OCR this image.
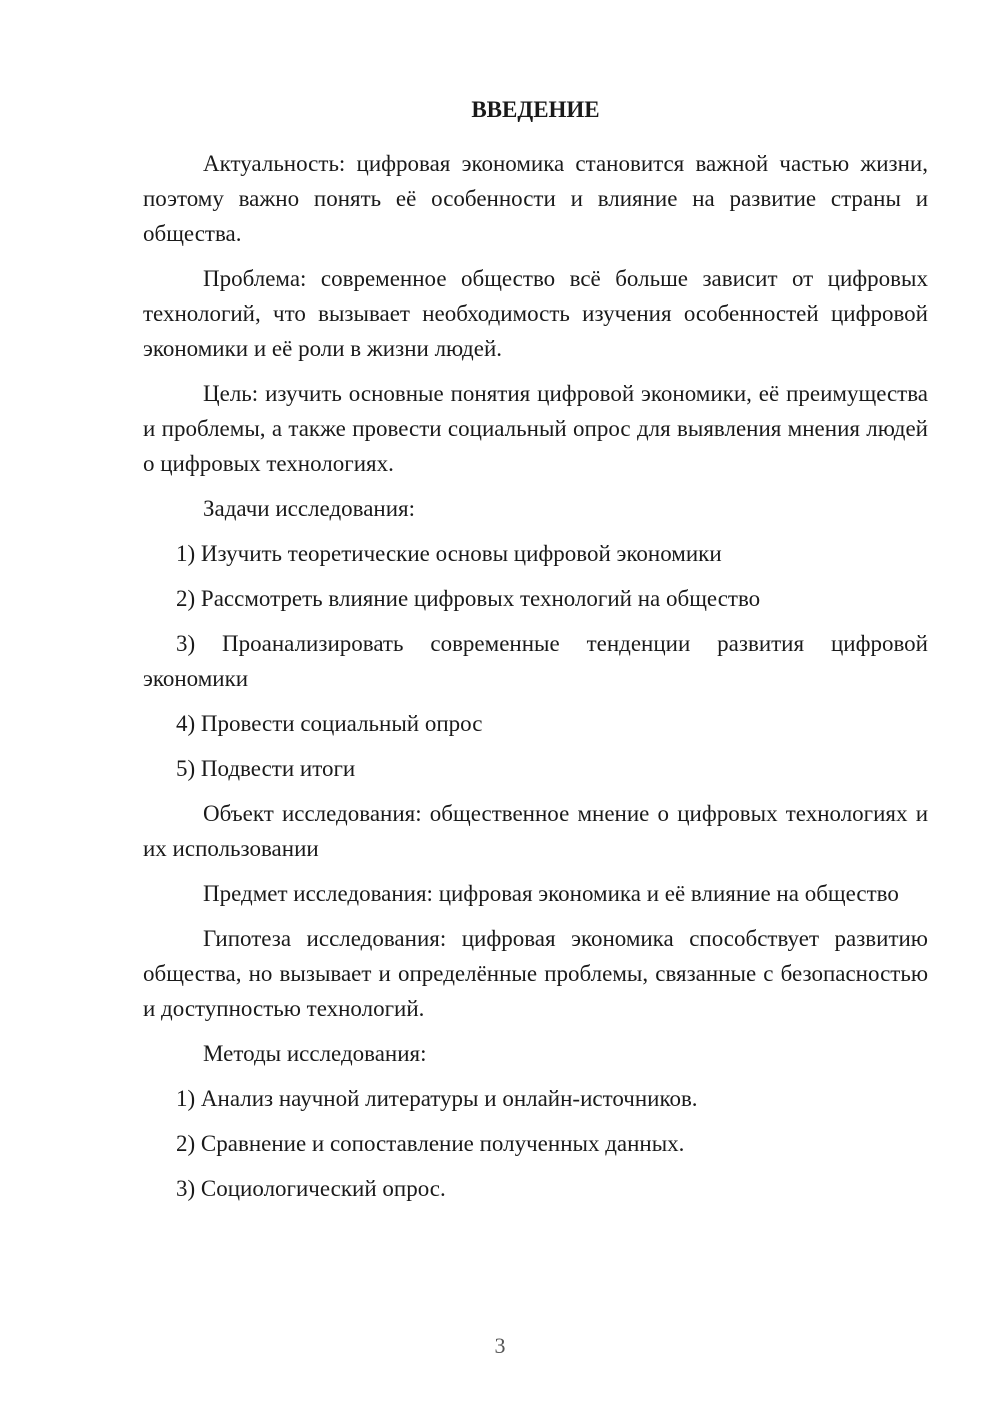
ВВЕДЕНИЕ

Актуальность: цифровая экономика становится важной частью жизни, поэтому важно понять её особенности и влияние на развитие страны и общества.

Проблема: современное общество всё больше зависит от цифровых технологий, что вызывает необходимость изучения особенностей цифровой экономики и её роли в жизни людей.

Цель: изучить основные понятия цифровой экономики, её преимущества и проблемы, а также провести социальный опрос для выявления мнения людей о цифровых технологиях.

Задачи исследования:

1) Изучить теоретические основы цифровой экономики

2) Рассмотреть влияние цифровых технологий на общество

3) Проанализировать современные тенденции развития цифровой экономики

4) Провести социальный опрос

5) Подвести итоги

Объект исследования: общественное мнение о цифровых технологиях и их использовании

Предмет исследования: цифровая экономика и её влияние на общество

Гипотеза исследования: цифровая экономика способствует развитию общества, но вызывает и определённые проблемы, связанные с безопасностью и доступностью технологий.

Методы исследования:

1) Анализ научной литературы и онлайн-источников.

2) Сравнение и сопоставление полученных данных.

3) Социологический опрос.

3
